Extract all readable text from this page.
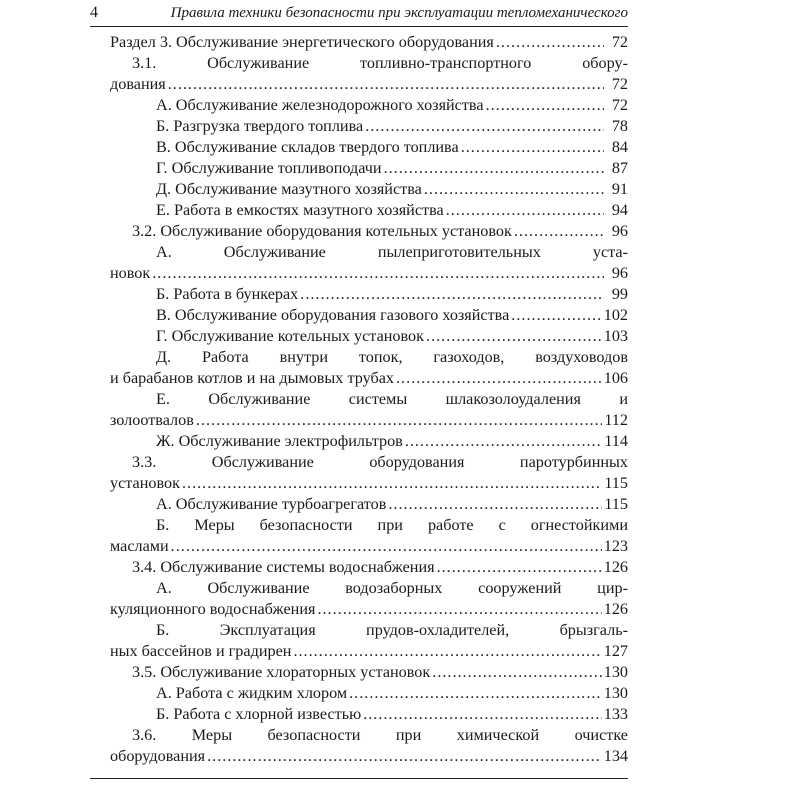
4	Правила техники безопасности при эксплуатации тепломеханического
Раздел 3. Обслуживание энергетического оборудования .....	72
3.1. Обслуживание топливно-транспортного обору-
дования .....	72
А. Обслуживание железнодорожного хозяйства .....	72
Б. Разгрузка твердого топлива .....	78
В. Обслуживание складов твердого топлива .....	84
Г. Обслуживание топливоподачи .....	87
Д. Обслуживание мазутного хозяйства .....	91
Е. Работа в емкостях мазутного хозяйства .....	94
3.2. Обслуживание оборудования котельных установок .....	96
А. Обслуживание пылеприготовительных уста-
новок .....	96
Б. Работа в бункерах .....	99
В. Обслуживание оборудования газового хозяйства .....	102
Г. Обслуживание котельных установок .....	103
Д. Работа внутри топок, газоходов, воздуховодов
и барабанов котлов и на дымовых трубах .....	106
Е. Обслуживание системы шлакозолоудаления и
золоотвалов .....	112
Ж. Обслуживание электрофильтров .....	114
3.3. Обслуживание оборудования паротурбинных
установок .....	115
А. Обслуживание турбоагрегатов .....	115
Б. Меры безопасности при работе с огнестойкими
маслами .....	123
3.4. Обслуживание системы водоснабжения .....	126
А. Обслуживание водозаборных сооружений цир-
куляционного водоснабжения .....	126
Б. Эксплуатация прудов-охладителей, брызгаль-
ных бассейнов и градирен .....	127
3.5. Обслуживание хлораторных установок .....	130
А. Работа с жидким хлором .....	130
Б. Работа с хлорной известью .....	133
3.6. Меры безопасности при химической очистке
оборудования .....	134
